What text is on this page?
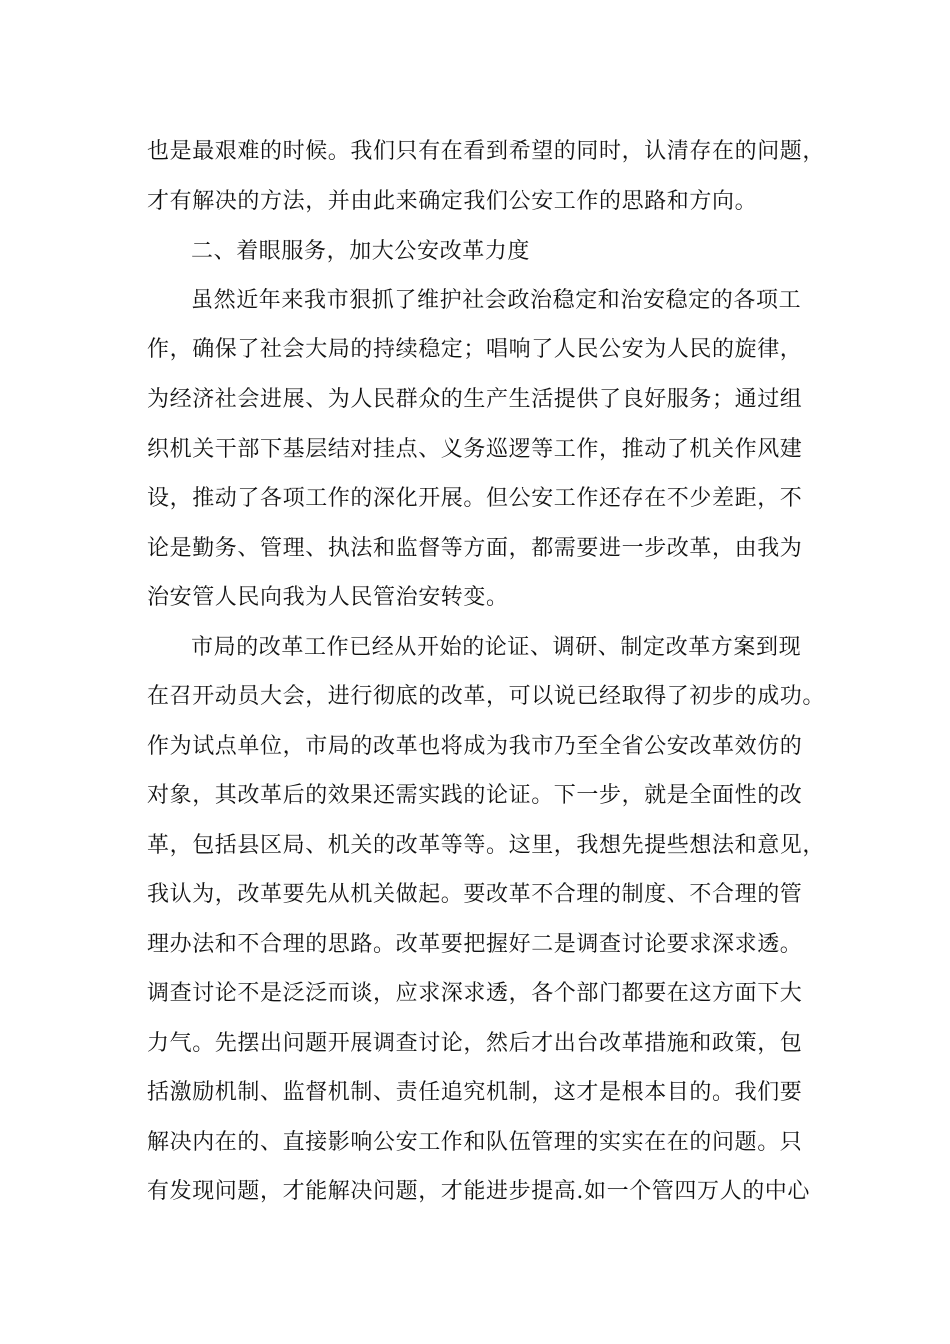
也是最艰难的时候。我们只有在看到希望的同时，认清存在的问题，
才有解决的方法，并由此来确定我们公安工作的思路和方向。
二、着眼服务，加大公安改革力度
虽然近年来我市狠抓了维护社会政治稳定和治安稳定的各项工
作，确保了社会大局的持续稳定；唱响了人民公安为人民的旋律，
为经济社会进展、为人民群众的生产生活提供了良好服务；通过组
织机关干部下基层结对挂点、义务巡逻等工作，推动了机关作风建
设，推动了各项工作的深化开展。但公安工作还存在不少差距，不
论是勤务、管理、执法和监督等方面，都需要进一步改革，由我为
治安管人民向我为人民管治安转变。
市局的改革工作已经从开始的论证、调研、制定改革方案到现
在召开动员大会，进行彻底的改革，可以说已经取得了初步的成功。
作为试点单位，市局的改革也将成为我市乃至全省公安改革效仿的
对象，其改革后的效果还需实践的论证。下一步，就是全面性的改
革，包括县区局、机关的改革等等。这里，我想先提些想法和意见，
我认为，改革要先从机关做起。要改革不合理的制度、不合理的管
理办法和不合理的思路。改革要把握好二是调查讨论要求深求透。
调查讨论不是泛泛而谈，应求深求透，各个部门都要在这方面下大
力气。先摆出问题开展调查讨论，然后才出台改革措施和政策，包
括激励机制、监督机制、责任追究机制，这才是根本目的。我们要
解决内在的、直接影响公安工作和队伍管理的实实在在的问题。只
有发现问题，才能解决问题，才能进步提高.如一个管四万人的中心
